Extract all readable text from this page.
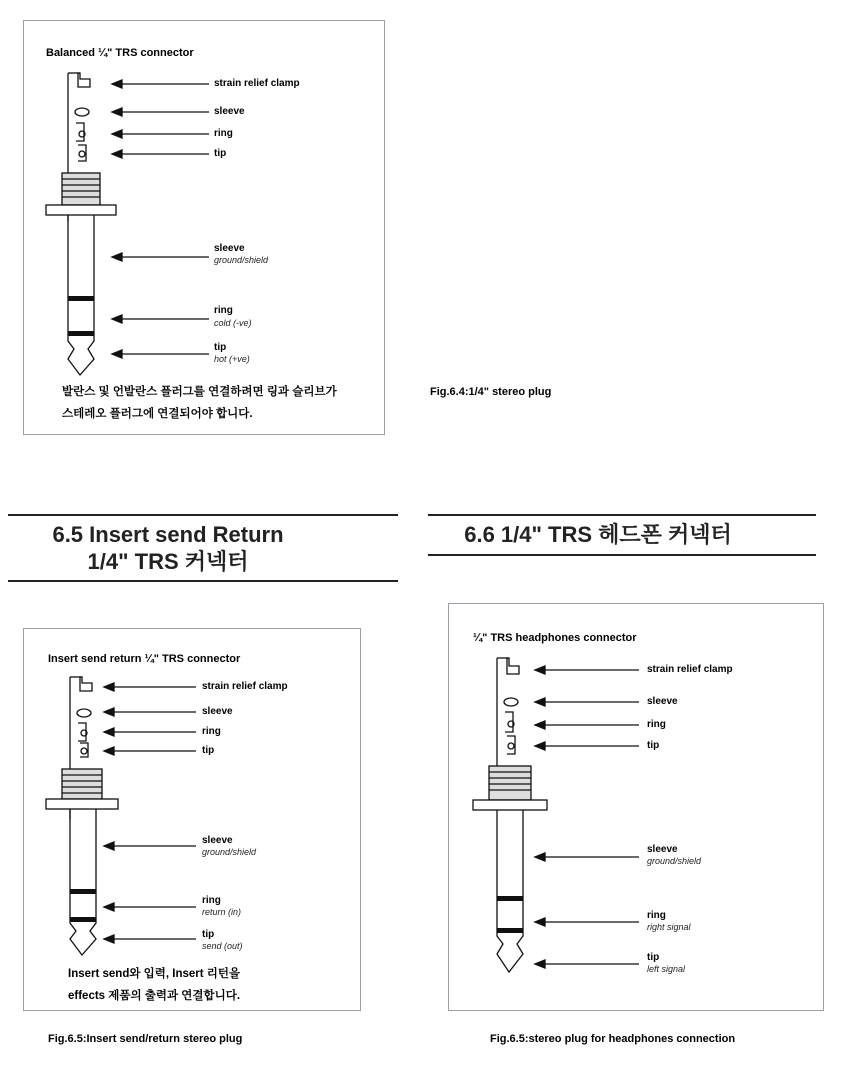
Balanced ¼" TRS connector
strain relief clamp
sleeve
ring
tip
sleeve
ground/shield
ring
cold (-ve)
tip
hot (+ve)
발란스 및 언발란스 플러그를 연결하려면 링과 슬리브가
스테레오 플러그에 연결되어야 합니다.
Fig.6.4:1/4" stereo plug
6.5 Insert send Return
1/4" TRS 커넥터
6.6 1/4" TRS 헤드폰 커넥터
Insert send return ¼" TRS connector
strain relief clamp
sleeve
ring
tip
sleeve
ground/shield
ring
return (in)
tip
send (out)
Insert send와 입력, Insert 리턴을
effects 제품의 출력과 연결합니다.
Fig.6.5:Insert send/return stereo plug
¼" TRS headphones connector
strain relief clamp
sleeve
ring
tip
sleeve
ground/shield
ring
right signal
tip
left signal
Fig.6.5:stereo plug for headphones connection
